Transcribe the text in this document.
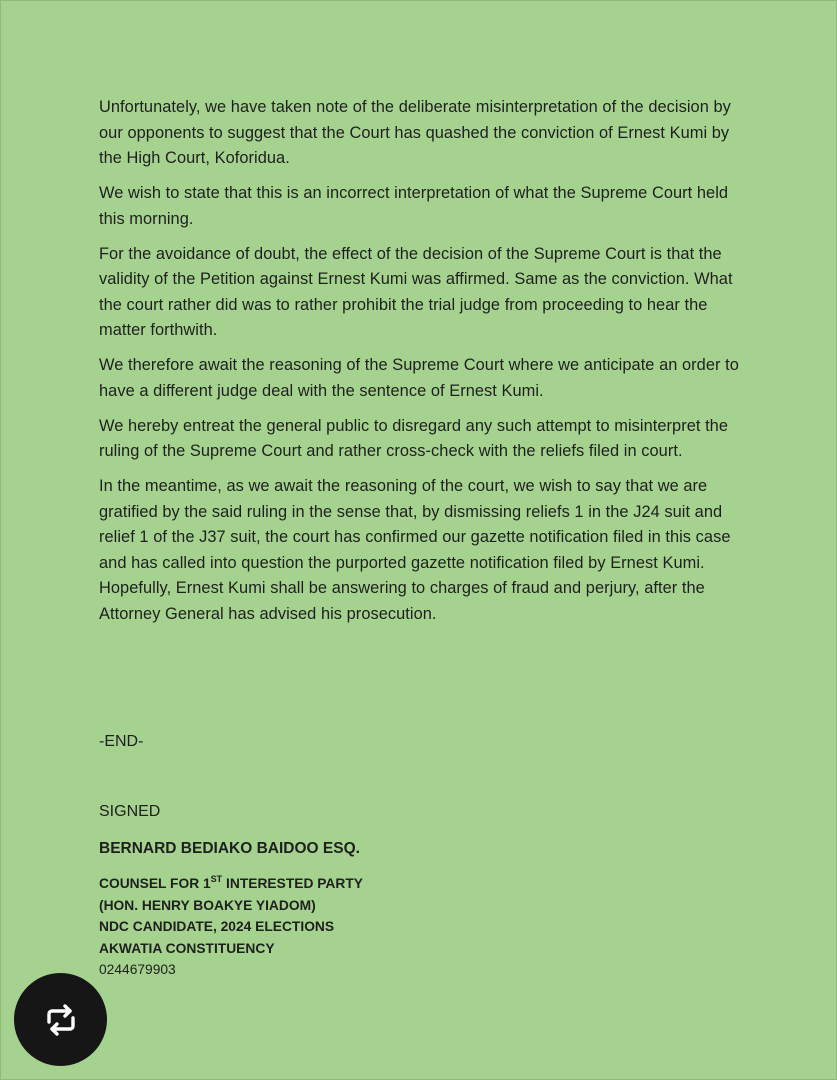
Unfortunately, we have taken note of the deliberate misinterpretation of the decision by our opponents to suggest that the Court has quashed the conviction of Ernest Kumi by the High Court, Koforidua.

We wish to state that this is an incorrect interpretation of what the Supreme Court held this morning.

For the avoidance of doubt, the effect of the decision of the Supreme Court is that the validity of the Petition against Ernest Kumi was affirmed. Same as the conviction. What the court rather did was to rather prohibit the trial judge from proceeding to hear the matter forthwith.

We therefore await the reasoning of the Supreme Court where we anticipate an order to have a different judge deal with the sentence of Ernest Kumi.

We hereby entreat the general public to disregard any such attempt to misinterpret the ruling of the Supreme Court and rather cross-check with the reliefs filed in court.

In the meantime, as we await the reasoning of the court, we wish to say that we are gratified by the said ruling in the sense that, by dismissing reliefs 1 in the J24 suit and relief 1 of the J37 suit, the court has confirmed our gazette notification filed in this case and has called into question the purported gazette notification filed by Ernest Kumi. Hopefully, Ernest Kumi shall be answering to charges of fraud and perjury, after the Attorney General has advised his prosecution.

-END-
SIGNED
BERNARD BEDIAKO BAIDOO ESQ.
COUNSEL FOR 1ST INTERESTED PARTY
(HON. HENRY BOAKYE YIADOM)
NDC CANDIDATE, 2024 ELECTIONS
AKWATIA CONSTITUENCY
0244679903
